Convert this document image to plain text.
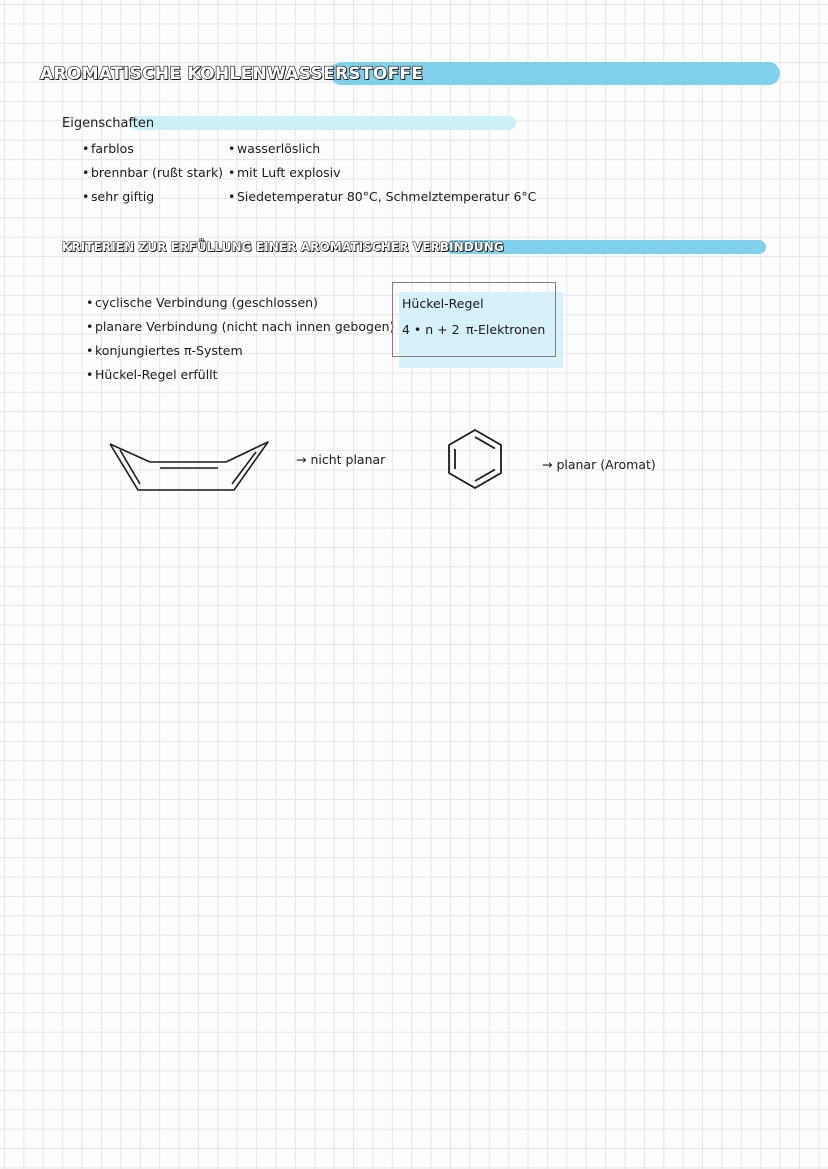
AROMATISCHE KOHLENWASSERSTOFFE
Eigenschaften
• farblos
• brennbar (rußt stark)
• sehr giftig
• wasserlöslich
• mit Luft explosiv
• Siedetemperatur 80°C, Schmelztemperatur 6°C
KRITERIEN ZUR ERFÜLLUNG EINER AROMATISCHER VERBINDUNG
• cyclische Verbindung (geschlossen)
• planare Verbindung (nicht nach innen gebogen)
• konjungiertes π-System
• Hückel-Regel erfüllt
Hückel-Regel
4 • n + 2 π-Elektronen
→ nicht planar	→ planar (Aromat)
